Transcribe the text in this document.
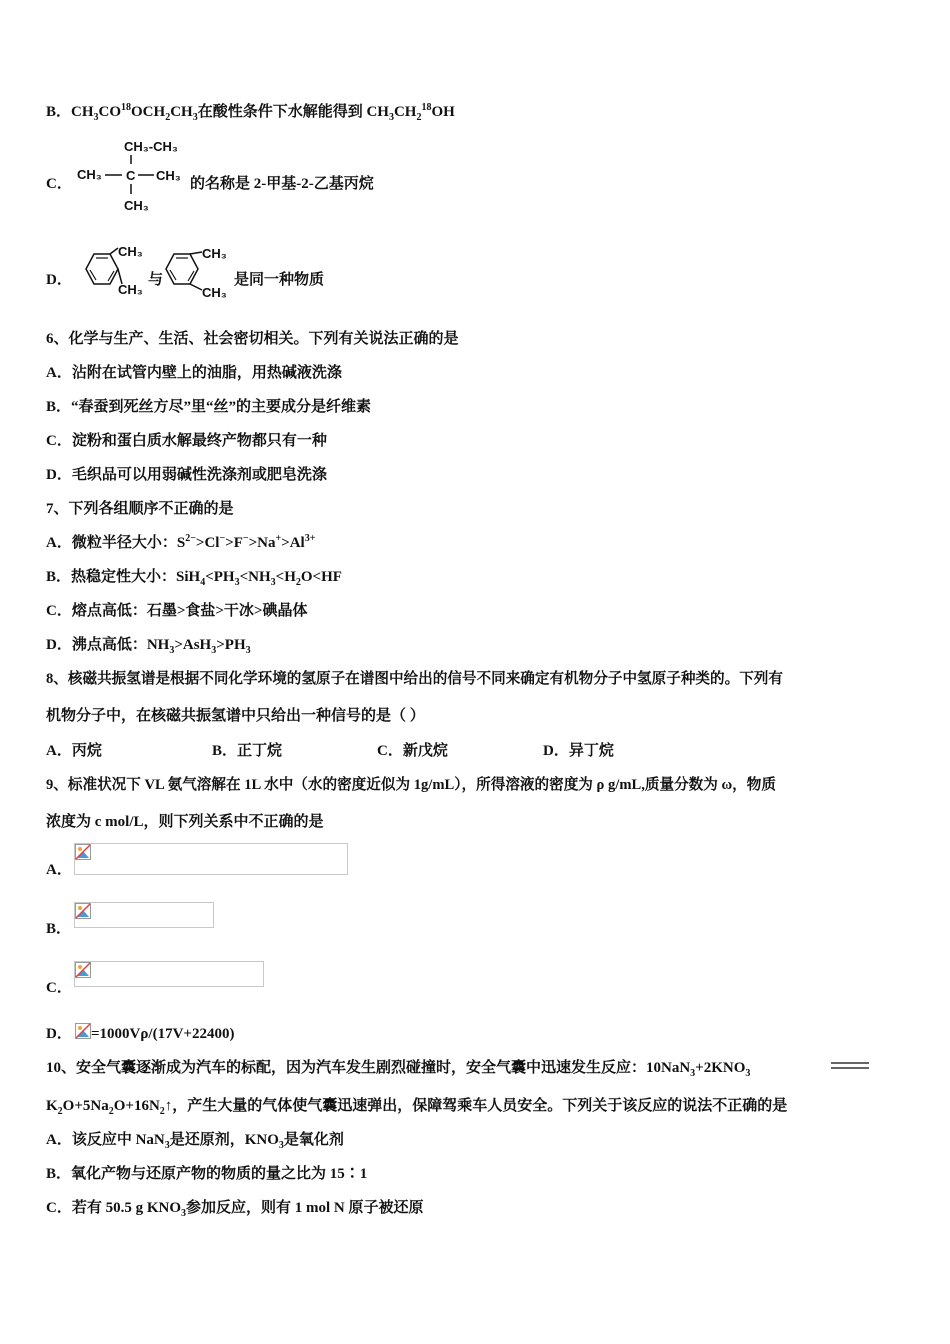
B．$CH_3CO^{18}OCH_2CH_3$在酸性条件下水解能得到 $CH_3CH_2^{18}OH$
C．
CH₃-CH₃
CH₃ C CH₃
CH₃
的名称是 2-甲基-2-乙基丙烷
D．
CH₃
CH₃
与
CH₃
CH₃
是同一种物质
6、化学与生产、生活、社会密切相关。下列有关说法正确的是
A．沾附在试管内壁上的油脂，用热碱液洗涤
B．“春蚕到死丝方尽”里“丝”的主要成分是纤维素
C．淀粉和蛋白质水解最终产物都只有一种
D．毛织品可以用弱碱性洗涤剂或肥皂洗涤
7、下列各组顺序不正确的是
A．微粒半径大小：$S^{2-}>Cl^->F^->Na^+>Al^{3+}$
B．热稳定性大小：$SiH_4<PH_3<NH_3<H_2O<HF$
C．熔点高低：石墨>食盐>干冰>碘晶体
D．沸点高低：$NH_3>AsH_3>PH_3$
8、核磁共振氢谱是根据不同化学环境的氢原子在谱图中给出的信号不同来确定有机物分子中氢原子种类的。下列有
机物分子中，在核磁共振氢谱中只给出一种信号的是（ ）
A．丙烷	B．正丁烷	C．新戊烷	D．异丁烷
9、标准状况下 VL 氨气溶解在 1L 水中（水的密度近似为 1g/mL），所得溶液的密度为 ρ g/mL,质量分数为 ω，物质
浓度为 c mol/L，则下列关系中不正确的是
A．
B．
C．
D． =1000Vρ/(17V+22400)
10、安全气囊逐渐成为汽车的标配，因为汽车发生剧烈碰撞时，安全气囊中迅速发生反应：$10NaN_3+2KNO_3$
$K_2O+5Na_2O+16N_2↑$，产生大量的气体使气囊迅速弹出，保障驾乘车人员安全。下列关于该反应的说法不正确的是
A．该反应中 NaN$_3$是还原剂，$KNO_3$是氧化剂
B．氧化产物与还原产物的物质的量之比为 15∶1
C．若有 50.5 g $KNO_3$参加反应，则有 1 mol N 原子被还原
